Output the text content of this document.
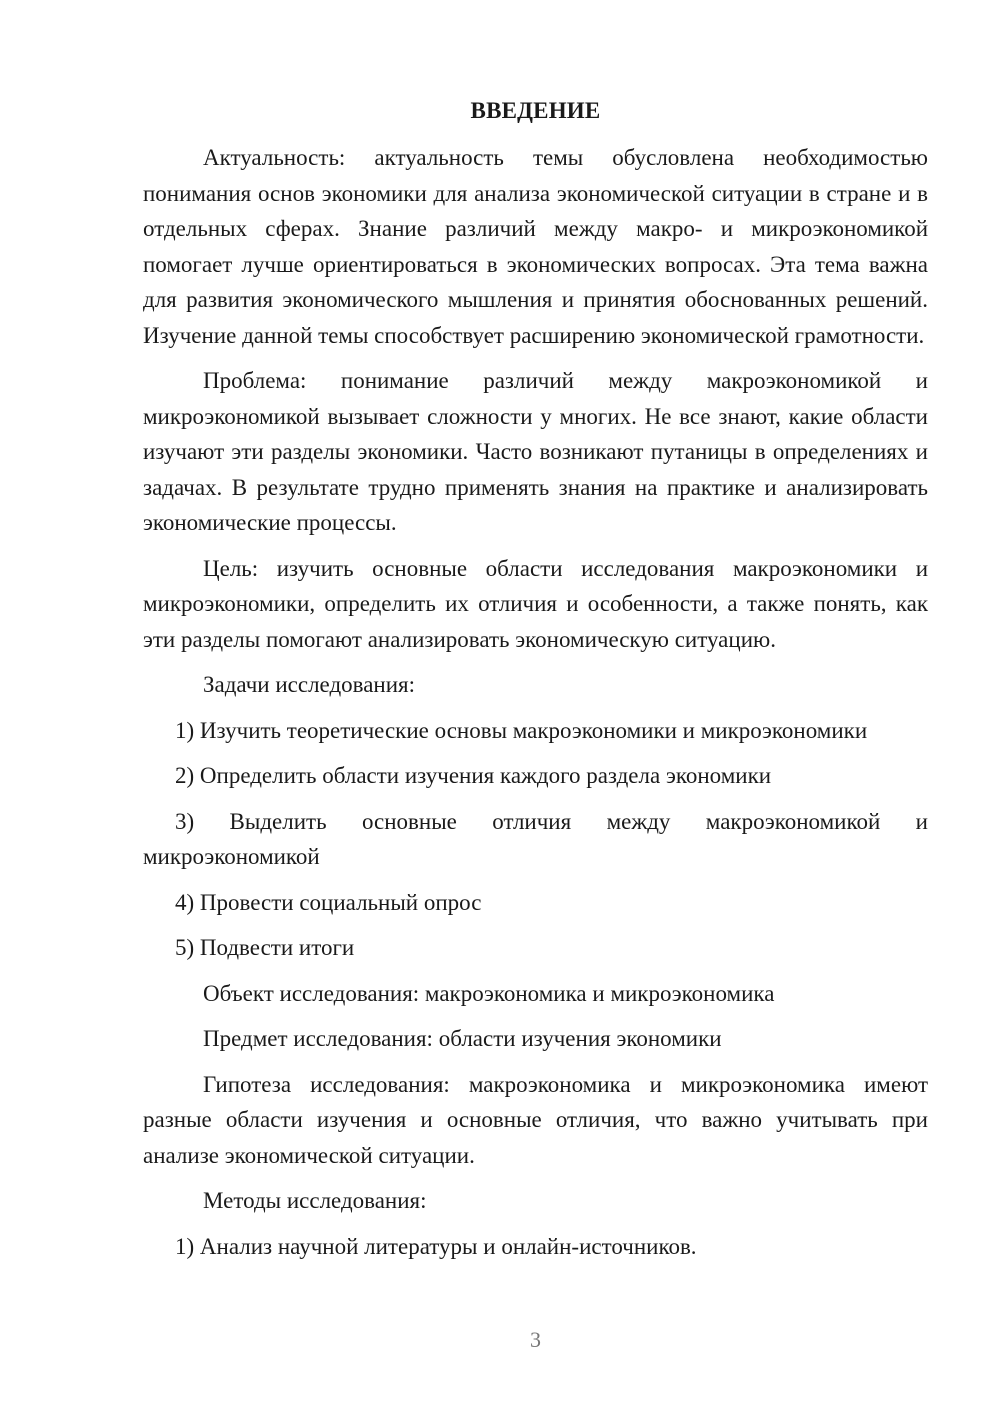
ВВЕДЕНИЕ

Актуальность: актуальность темы обусловлена необходимостью понимания основ экономики для анализа экономической ситуации в стране и в отдельных сферах. Знание различий между макро- и микроэкономикой помогает лучше ориентироваться в экономических вопросах. Эта тема важна для развития экономического мышления и принятия обоснованных решений. Изучение данной темы способствует расширению экономической грамотности.

Проблема: понимание различий между макроэкономикой и микроэкономикой вызывает сложности у многих. Не все знают, какие области изучают эти разделы экономики. Часто возникают путаницы в определениях и задачах. В результате трудно применять знания на практике и анализировать экономические процессы.

Цель: изучить основные области исследования макроэкономики и микроэкономики, определить их отличия и особенности, а также понять, как эти разделы помогают анализировать экономическую ситуацию.

Задачи исследования:

1) Изучить теоретические основы макроэкономики и микроэкономики

2) Определить области изучения каждого раздела экономики

3) Выделить основные отличия между макроэкономикой и микроэкономикой

4) Провести социальный опрос

5) Подвести итоги

Объект исследования: макроэкономика и микроэкономика

Предмет исследования: области изучения экономики

Гипотеза исследования: макроэкономика и микроэкономика имеют разные области изучения и основные отличия, что важно учитывать при анализе экономической ситуации.

Методы исследования:

1) Анализ научной литературы и онлайн-источников.

3
